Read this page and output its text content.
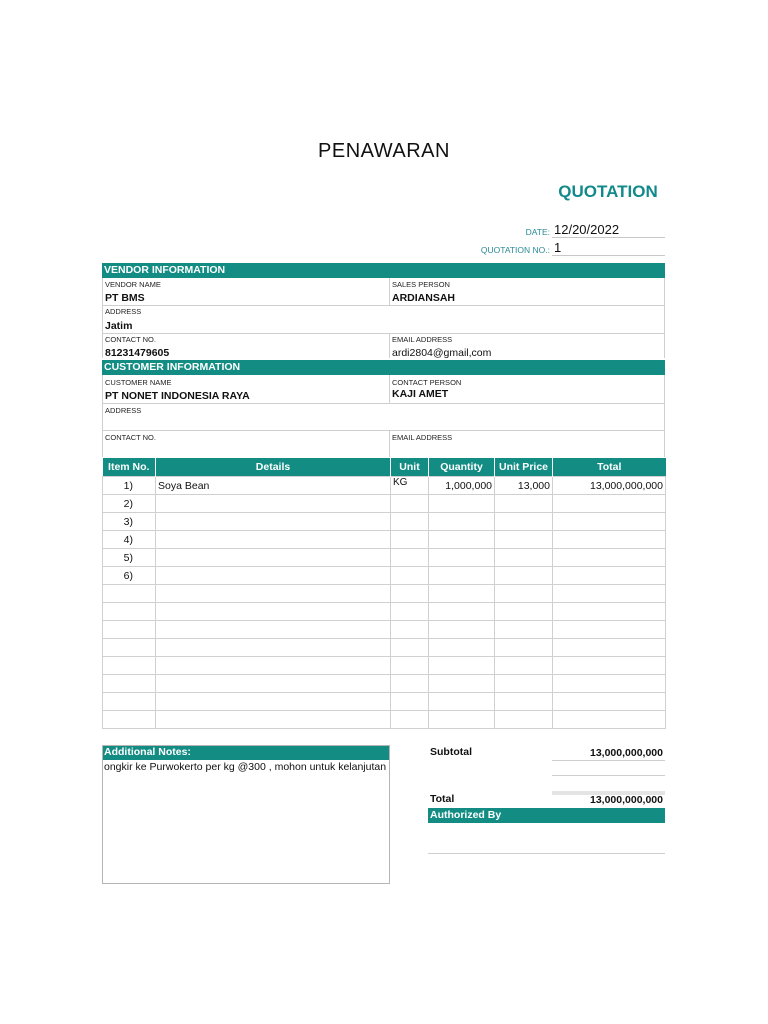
PENAWARAN
QUOTATION
DATE: 12/20/2022
QUOTATION NO.: 1
VENDOR INFORMATION
VENDOR NAME
PT BMS
SALES PERSON
ARDIANSAH
ADDRESS
Jatim
CONTACT NO.
81231479605
EMAIL ADDRESS
ardi2804@gmail,com
CUSTOMER INFORMATION
CUSTOMER NAME
PT NONET INDONESIA RAYA
CONTACT PERSON
KAJI AMET
ADDRESS
CONTACT NO.	EMAIL ADDRESS
Item No.	Details	Unit	Quantity	Unit Price	Total
1)	Soya Bean	KG	1,000,000	13,000	13,000,000,000
2)					
3)					
4)					
5)					
6)					

Additional Notes:
ongkir ke Purwokerto per kg @300 , mohon untuk kelanjutan
Subtotal	13,000,000,000
Total	13,000,000,000
Authorized By
